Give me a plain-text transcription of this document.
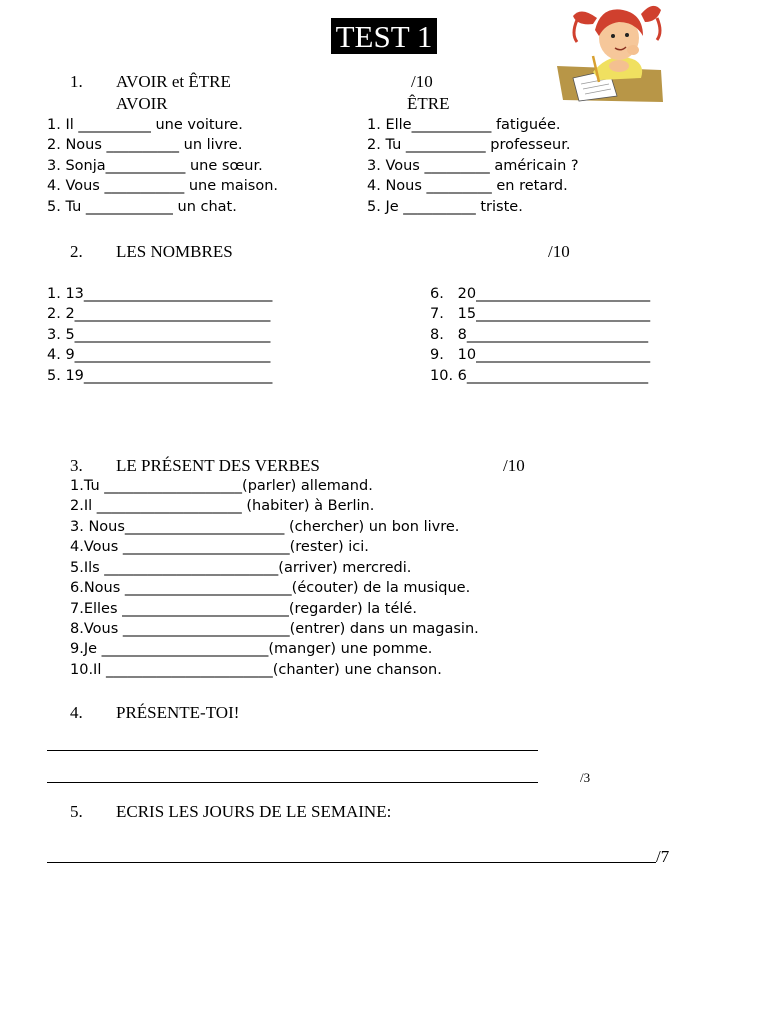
TEST 1
1. AVOIR et ÊTRE	/10
AVOIR	ÊTRE
1. Il __________ une voiture.
2. Nous __________ un livre.
3. Sonja___________ une sœur.
4. Vous ___________ une maison.
5. Tu ____________ un chat.
1. Elle___________ fatiguée.
2. Tu ___________ professeur.
3. Vous _________ américain ?
4. Nous _________ en retard.
5. Je __________ triste.
2. LES NOMBRES	/10
1. 13__________________________
2. 2___________________________
3. 5___________________________
4. 9___________________________
5. 19__________________________
6.   20________________________
7.   15________________________
8.   8_________________________
9.   10________________________
10. 6_________________________
3. LE PRÉSENT DES VERBES	/10
1.Tu ___________________(parler) allemand.
2.Il ____________________ (habiter) à Berlin.
3. Nous______________________ (chercher) un bon livre.
4.Vous _______________________(rester) ici.
5.Ils ________________________(arriver) mercredi.
6.Nous _______________________(écouter) de la musique.
7.Elles _______________________(regarder) la télé.
8.Vous _______________________(entrer) dans un magasin.
9.Je _______________________(manger) une pomme.
10.Il _______________________(chanter) une chanson.
4. PRÉSENTE-TOI!
/3
5. ECRIS LES JOURS DE LE SEMAINE:
/7
